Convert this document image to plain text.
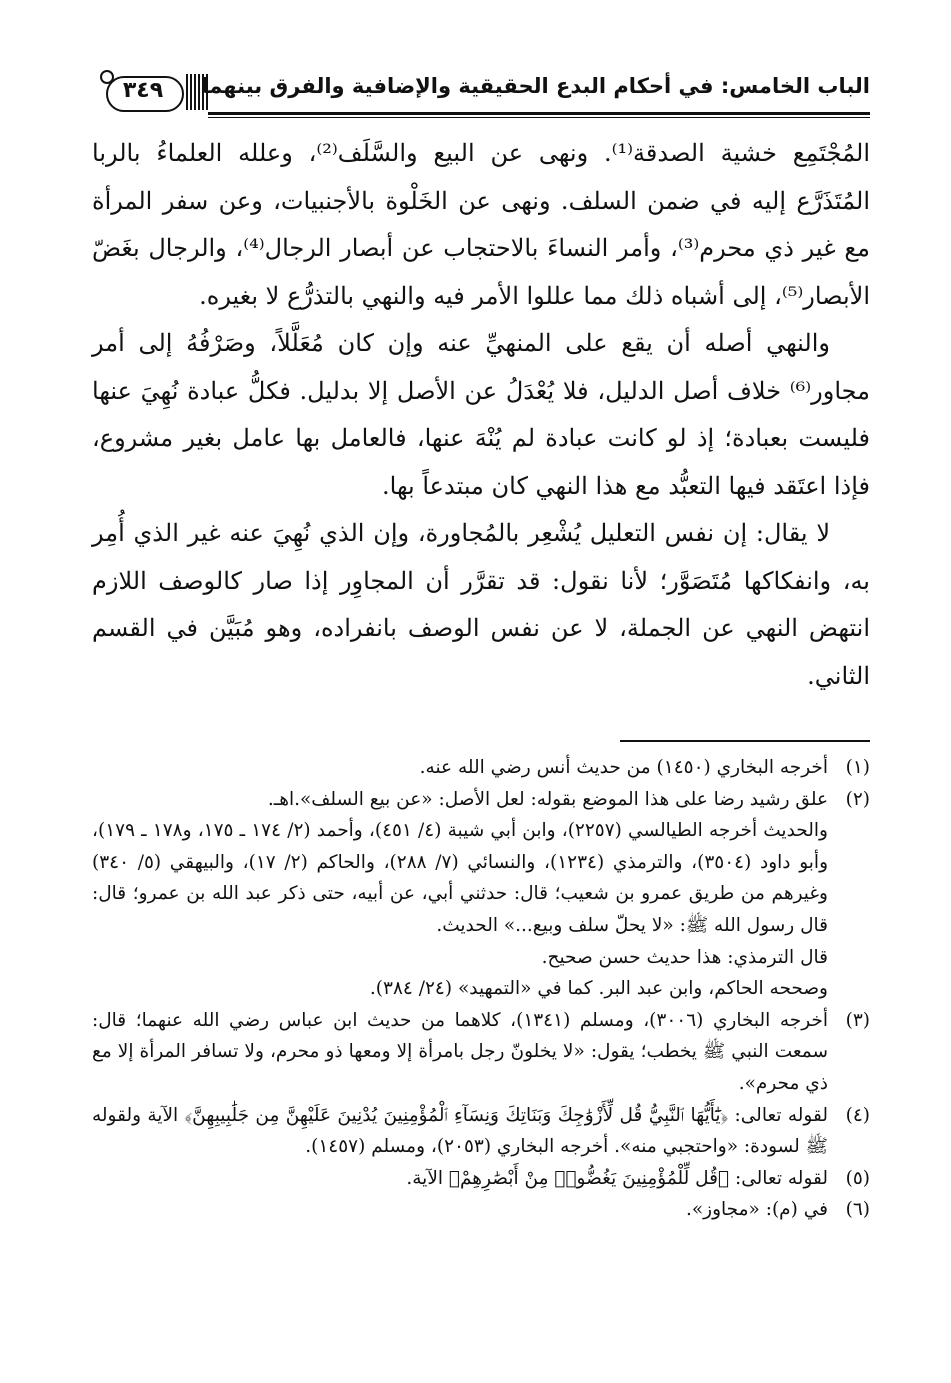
٣٤٩	الباب الخامس: في أحكام البدع الحقيقية والإضافية والفرق بينهما

المُجْتَمِع خشية الصدقة⁽¹⁾. ونهى عن البيع والسَّلَف⁽²⁾، وعلله العلماءُ بالربا المُتَذَرَّع إليه في ضمن السلف. ونهى عن الخَلْوة بالأجنبيات، وعن سفر المرأة مع غير ذي محرم⁽³⁾، وأمر النساءَ بالاحتجاب عن أبصار الرجال⁽⁴⁾، والرجال بغَضّ الأبصار⁽⁵⁾، إلى أشباه ذلك مما عللوا الأمر فيه والنهي بالتذرُّع لا بغيره.

والنهي أصله أن يقع على المنهيِّ عنه وإن كان مُعَلَّلاً، وصَرْفُهُ إلى أمر مجاور⁽⁶⁾ خلاف أصل الدليل، فلا يُعْدَلُ عن الأصل إلا بدليل. فكلُّ عبادة نُهِيَ عنها فليست بعبادة؛ إذ لو كانت عبادة لم يُنْهَ عنها، فالعامل بها عامل بغير مشروع، فإذا اعتَقد فيها التعبُّد مع هذا النهي كان مبتدعاً بها.

لا يقال: إن نفس التعليل يُشْعِر بالمُجاورة، وإن الذي نُهِيَ عنه غير الذي أُمِر به، وانفكاكها مُتَصَوَّر؛ لأنا نقول: قد تقرَّر أن المجاوِر إذا صار كالوصف اللازم انتهض النهي عن الجملة، لا عن نفس الوصف بانفراده، وهو مُبَيَّن في القسم الثاني.

(١)
أخرجه البخاري (١٤٥٠) من حديث أنس رضي الله عنه.
(٢)
علق رشيد رضا على هذا الموضع بقوله: لعل الأصل: «عن بيع السلف».اهـ.
والحديث أخرجه الطيالسي (٢٢٥٧)، وابن أبي شيبة (٤/ ٤٥١)، وأحمد (٢/ ١٧٤ ـ ١٧٥، و١٧٨ ـ ١٧٩)، وأبو داود (٣٥٠٤)، والترمذي (١٢٣٤)، والنسائي (٧/ ٢٨٨)، والحاكم (٢/ ١٧)، والبيهقي (٥/ ٣٤٠) وغيرهم من طريق عمرو بن شعيب؛ قال: حدثني أبي، عن أبيه، حتى ذكر عبد الله بن عمرو؛ قال: قال رسول الله ﷺ: «لا يحلّ سلف وبيع...» الحديث.
قال الترمذي: هذا حديث حسن صحيح.
وصححه الحاكم، وابن عبد البر. كما في «التمهيد» (٢٤/ ٣٨٤).
(٣)
أخرجه البخاري (٣٠٠٦)، ومسلم (١٣٤١)، كلاهما من حديث ابن عباس رضي الله عنهما؛ قال: سمعت النبي ﷺ يخطب؛ يقول: «لا يخلونّ رجل بامرأة إلا ومعها ذو محرم، ولا تسافر المرأة إلا مع ذي محرم».
(٤)
لقوله تعالى: ﴿يَٰٓأَيُّهَا ٱلنَّبِيُّ قُل لِّأَزْوَٰجِكَ وَبَنَاتِكَ وَنِسَآءِ ٱلْمُؤْمِنِينَ يُدْنِينَ عَلَيْهِنَّ مِن جَلَٰبِيبِهِنَّ﴾ الآية ولقوله ﷺ لسودة: «واحتجبي منه». أخرجه البخاري (٢٠٥٣)، ومسلم (١٤٥٧).
(٥)
لقوله تعالى: ﴿قُل لِّلْمُؤْمِنِينَ يَغُضُّوا۟ مِنْ أَبْصَٰرِهِمْ﴾ الآية.
(٦)
في (م): «مجاوز».
